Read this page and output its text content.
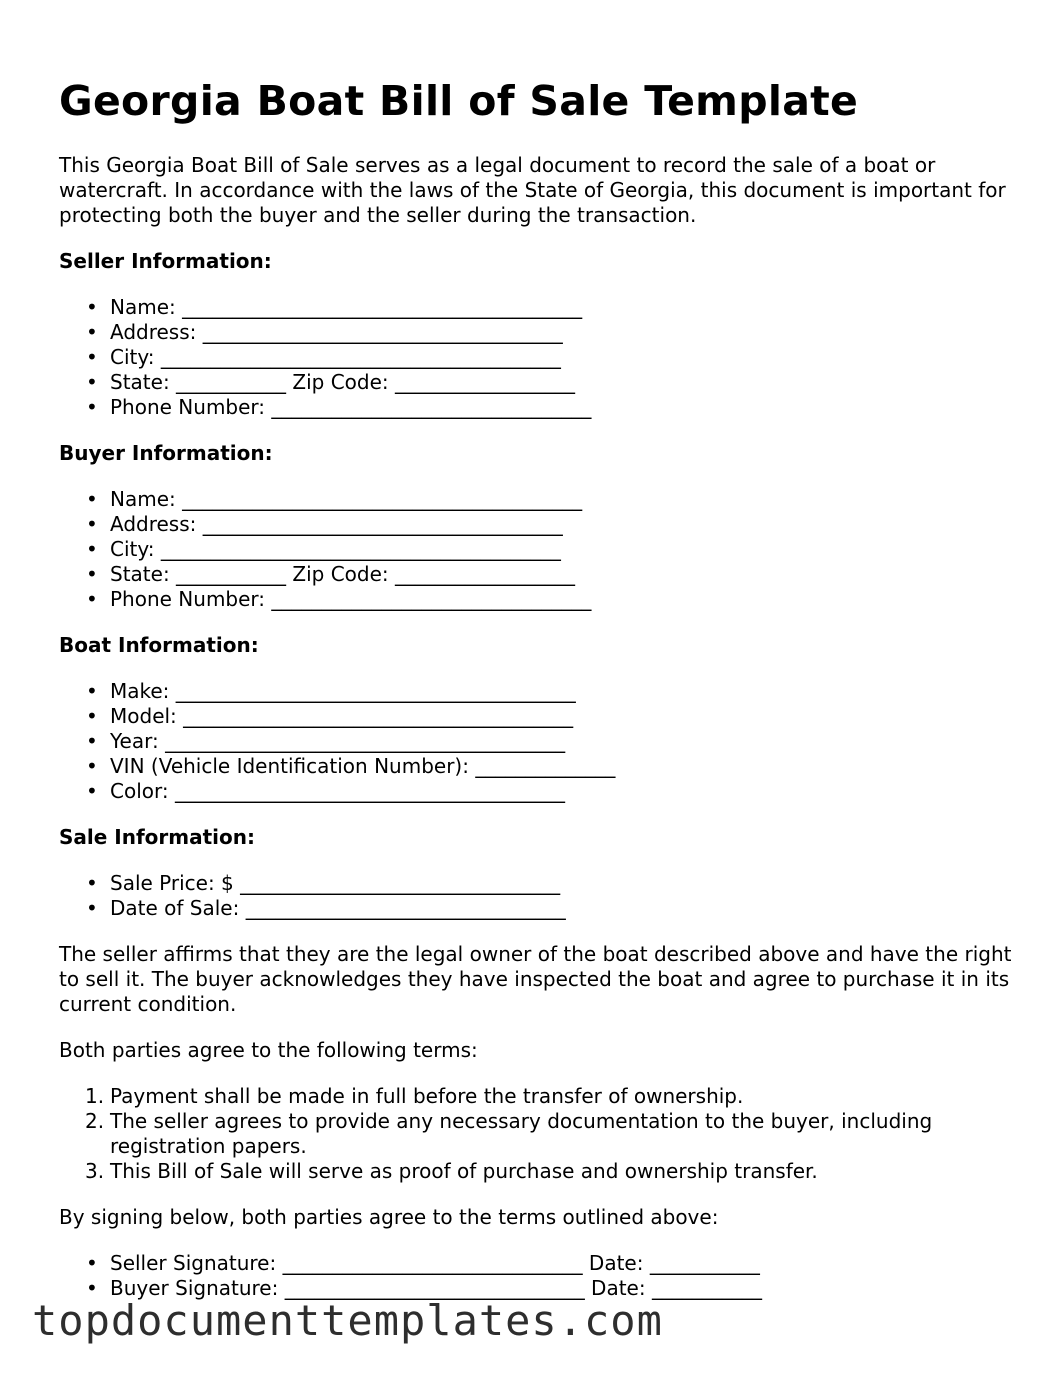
Georgia Boat Bill of Sale Template

This Georgia Boat Bill of Sale serves as a legal document to record the sale of a boat or watercraft. In accordance with the laws of the State of Georgia, this document is important for protecting both the buyer and the seller during the transaction.

Seller Information:
• Name: ________________________________________
• Address: ____________________________________
• City: ________________________________________
• State: ___________ Zip Code: __________________
• Phone Number: ________________________________
Buyer Information:
• Name: ________________________________________
• Address: ____________________________________
• City: ________________________________________
• State: ___________ Zip Code: __________________
• Phone Number: ________________________________
Boat Information:
• Make: ________________________________________
• Model: _______________________________________
• Year: ________________________________________
• VIN (Vehicle Identification Number): ______________
• Color: _______________________________________
Sale Information:
• Sale Price: $ ________________________________
• Date of Sale: ________________________________

The seller affirms that they are the legal owner of the boat described above and have the right to sell it. The buyer acknowledges they have inspected the boat and agree to purchase it in its current condition.

Both parties agree to the following terms:

1. Payment shall be made in full before the transfer of ownership.
2. The seller agrees to provide any necessary documentation to the buyer, including registration papers.
3. This Bill of Sale will serve as proof of purchase and ownership transfer.

By signing below, both parties agree to the terms outlined above:

• Seller Signature: ______________________________ Date: ___________
• Buyer Signature: ______________________________ Date: ___________
topdocumenttemplates.com
